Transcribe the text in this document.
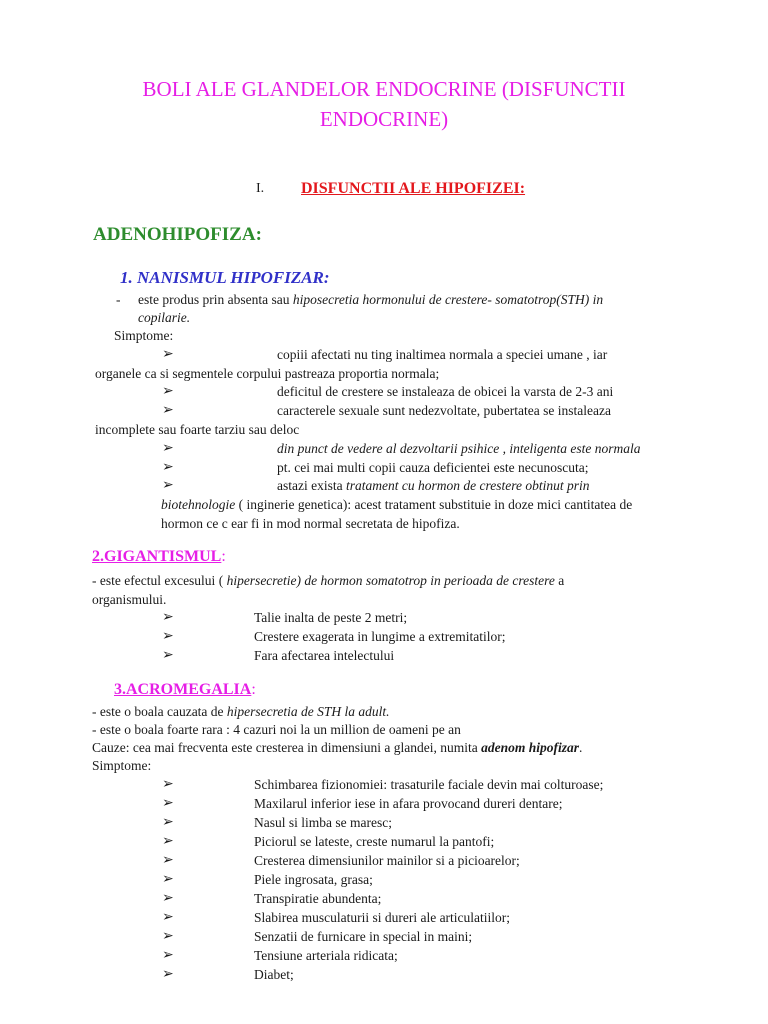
BOLI ALE GLANDELOR ENDOCRINE (DISFUNCTII
ENDOCRINE)
I. DISFUNCTII ALE HIPOFIZEI:
ADENOHIPOFIZA:
1. NANISMUL HIPOFIZAR:
- este produs prin absenta sau hiposecretia hormonului de crestere- somatotrop(STH) in
copilarie.
Simptome:
➢	copiii afectati nu ting inaltimea normala a speciei umane , iar
organele ca si segmentele corpului pastreaza proportia normala;
➢	deficitul de crestere se instaleaza de obicei la varsta de 2-3 ani
➢	caracterele sexuale sunt nedezvoltate, pubertatea se instaleaza
incomplete sau foarte tarziu sau deloc
➢	din punct de vedere al dezvoltarii psihice , inteligenta este normala
➢	pt. cei mai multi copii cauza deficientei este necunoscuta;
➢	astazi exista tratament cu hormon de crestere obtinut prin
biotehnologie ( inginerie genetica): acest tratament substituie in doze mici cantitatea de
hormon ce c ear fi in mod normal secretata de hipofiza.
2.GIGANTISMUL:
- este efectul excesului ( hipersecretie) de hormon somatotrop in perioada de crestere a
organismului.
➢	Talie inalta de peste 2 metri;
➢	Crestere exagerata in lungime a extremitatilor;
➢	Fara afectarea intelectului
3.ACROMEGALIA:
- este o boala cauzata de hipersecretia de STH la adult.
- este o boala foarte rara : 4 cazuri noi la un million de oameni pe an
Cauze: cea mai frecventa este cresterea in dimensiuni a glandei, numita adenom hipofizar.
Simptome:
➢	Schimbarea fizionomiei: trasaturile faciale devin mai colturoase;
➢	Maxilarul inferior iese in afara provocand dureri dentare;
➢	Nasul si limba se maresc;
➢	Piciorul se lateste, creste numarul la pantofi;
➢	Cresterea dimensiunilor mainilor si a picioarelor;
➢	Piele ingrosata, grasa;
➢	Transpiratie abundenta;
➢	Slabirea musculaturii si dureri ale articulatiilor;
➢	Senzatii de furnicare in special in maini;
➢	Tensiune arteriala ridicata;
➢	Diabet;
